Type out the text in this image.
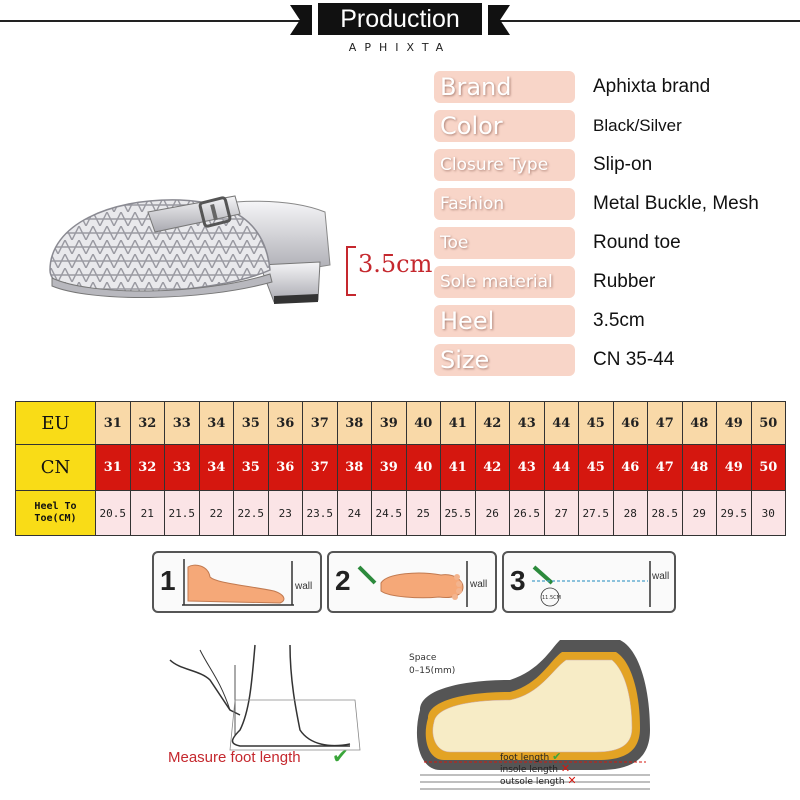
Production
APHIXTA
3.5cm
Brand	Aphixta brand
Color	Black/Silver
Closure Type	Slip-on
Fashion	Metal Buckle, Mesh
Toe	Round toe
Sole material	Rubber
Heel	3.5cm
Size	CN 35-44
EU	31	32	33	34	35	36	37	38	39	40	41	42	43	44	45	46	47	48	49	50
CN	31	32	33	34	35	36	37	38	39	40	41	42	43	44	45	46	47	48	49	50
Heel To
Toe(CM)	20.5	21	21.5	22	22.5	23	23.5	24	24.5	25	25.5	26	26.5	27	27.5	28	28.5	29	29.5	30
1	wall 2	wall 3
11.5CM
wall
Measure foot length ✔
Space
0–15(mm)
foot length ✔
insole length ✕
outsole length ✕
